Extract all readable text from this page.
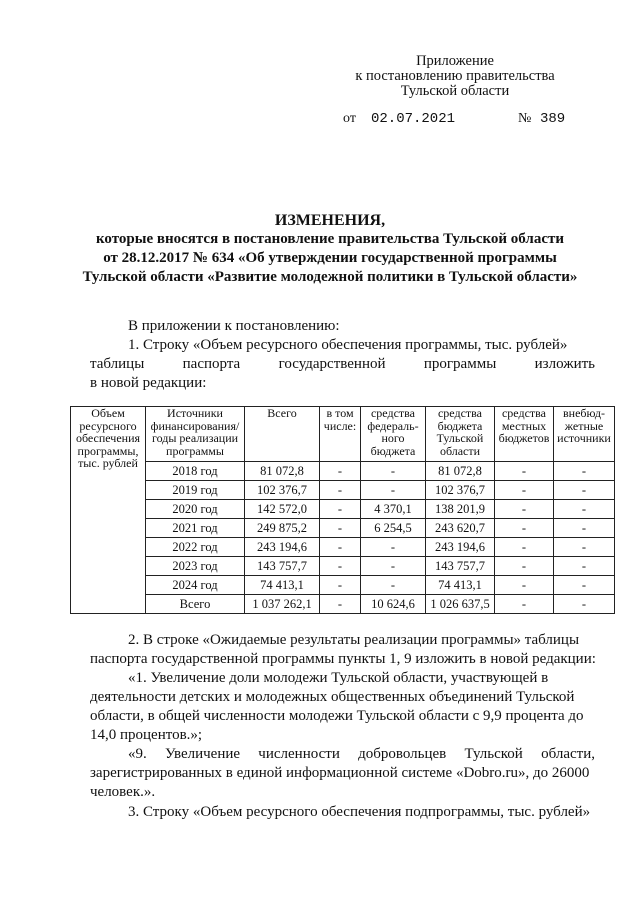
Приложение
к постановлению правительства
Тульской области
от 02.07.2021	№ 389
ИЗМЕНЕНИЯ,
которые вносятся в постановление правительства Тульской области
от 28.12.2017 № 634 «Об утверждении государственной программы
Тульской области «Развитие молодежной политики в Тульской области»
В приложении к постановлению:
1. Строку «Объем ресурсного обеспечения программы, тыс. рублей»
таблицы паспорта государственной программы изложить
в новой редакции:
Объем ресурсного обеспечения программы, тыс. рублей	Источники финансирования/ годы реализации программы	Всего	в том числе:	средства федераль-ного бюджета	средства бюджета Тульской области	средства местных бюджетов	внебюд-жетные источники
	2018 год	81 072,8	-	-	81 072,8	-	-
	2019 год	102 376,7	-	-	102 376,7	-	-
	2020 год	142 572,0	-	4 370,1	138 201,9	-	-
	2021 год	249 875,2	-	6 254,5	243 620,7	-	-
	2022 год	243 194,6	-	-	243 194,6	-	-
	2023 год	143 757,7	-	-	143 757,7	-	-
	2024 год	74 413,1	-	-	74 413,1	-	-
	Всего	1 037 262,1	-	10 624,6	1 026 637,5	-	-
2. В строке «Ожидаемые результаты реализации программы» таблицы
паспорта государственной программы пункты 1, 9 изложить в новой редакции:
«1. Увеличение доли молодежи Тульской области, участвующей в
деятельности детских и молодежных общественных объединений Тульской
области, в общей численности молодежи Тульской области с 9,9 процента до
14,0 процентов.»;
«9. Увеличение численности добровольцев Тульской области,
зарегистрированных в единой информационной системе «Dobro.ru», до 26000
человек.».
3. Строку «Объем ресурсного обеспечения подпрограммы, тыс. рублей»
